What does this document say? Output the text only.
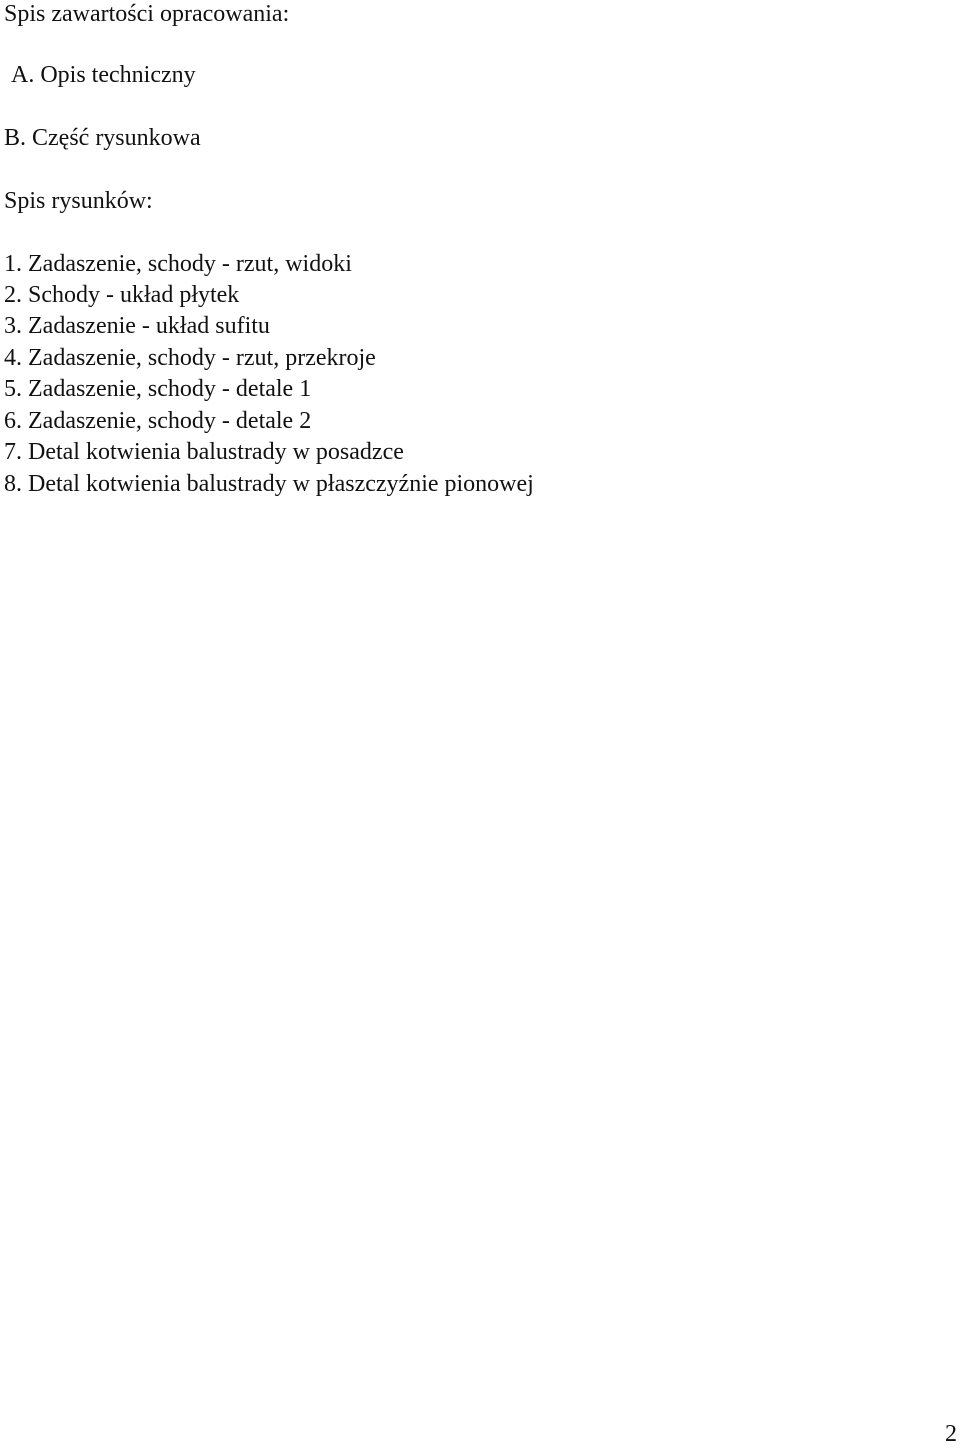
Spis zawartości opracowania:

A. Opis techniczny

B. Część rysunkowa

Spis rysunków:

1. Zadaszenie, schody - rzut, widoki

2. Schody - układ płytek

3. Zadaszenie - układ sufitu

4. Zadaszenie, schody - rzut, przekroje

5. Zadaszenie, schody - detale 1

6. Zadaszenie, schody - detale 2

7. Detal kotwienia balustrady w posadzce

8. Detal kotwienia balustrady w płaszczyźnie pionowej

2
